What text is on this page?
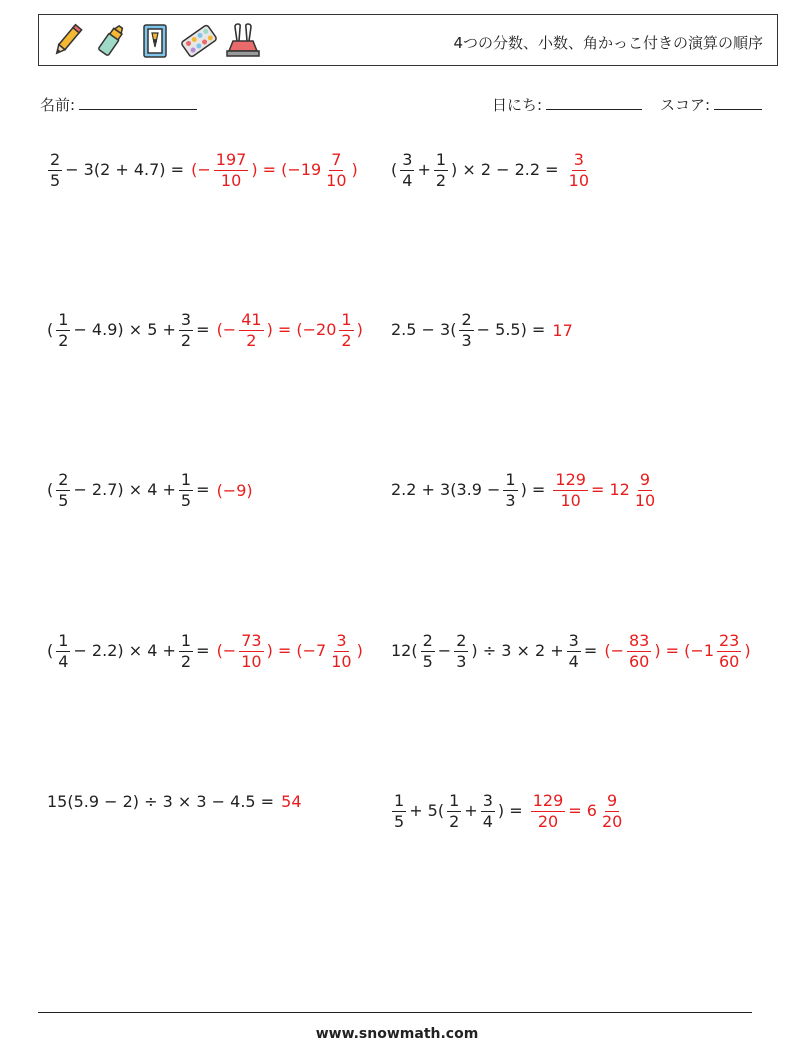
4つの分数、小数、角かっこ付きの演算の順序
名前:	日にち:	スコア:
$\frac{2}{5} - 3(2 + 4.7)$ =
(− $\frac{197}{10}$ ) = ($-19 \frac{7}{10}$ ) ( $\frac{3}{4} + \frac{1}{2}$ ) × 2 − 2.2 =
$\frac{3}{10}$
( $\frac{1}{2} - 4.9) \times 5 + \frac{3}{2}$ =
(− $\frac{41}{2}$ ) = ($-20 \frac{1}{2}$ ) $2.5 - 3( \frac{2}{3} - 5.5)$ =
17
( $\frac{2}{5} - 2.7) \times 4 + \frac{1}{5}$ =
(−9)	$2.2 + 3(3.9 - \frac{1}{3}$ ) =
$\frac{129}{10} = 12 \frac{9}{10}$
( $\frac{1}{4} - 2.2) \times 4 + \frac{1}{2}$ =
(− $\frac{73}{10}$ ) = ($-7 \frac{3}{10}$ ) $12( \frac{2}{5} - \frac{2}{3}$ ) ÷ $3 \times 2 + \frac{3}{4}$ =
(− $\frac{83}{60}$ ) = ($-1 \frac{23}{60}$ )
15(5.9 − 2) ÷ 3 × 3 − 4.5 =
54	$\frac{1}{5} + 5( \frac{1}{2} + \frac{3}{4}$ ) =
$\frac{129}{20} = 6 \frac{9}{20}$
www.snowmath.com
